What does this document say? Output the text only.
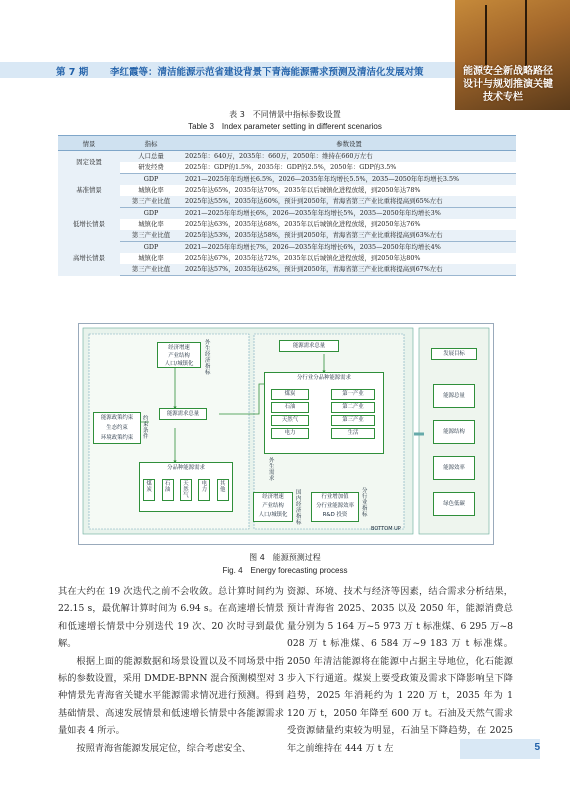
第 7 期 李红霞等：清洁能源示范省建设背景下青海能源需求预测及清洁化发展对策	能源安全新战略路径
设计与规划推演关键
技术专栏
表 3　不同情景中指标参数设置
Table 3　Index parameter setting in different scenarios
情景	指标	参数设置
固定设置	人口总量	2025年：640万，2035年：660万，2050年：维持在660万左右
	研发经费	2025年：GDP的1.5%，2035年：GDP的2.5%，2050年：GDP的3.5%
基准情景	GDP	2021—2025年年均增长6.5%，2026—2035年年均增长5.5%，2035—2050年年均增长3.5%
	城镇化率	2025年达65%，2035年达70%，2035年以后城镇化进程放缓，到2050年达78%
	第三产业比值	2025年达55%，2035年达60%，预计到2050年，青海省第三产业比重将提高到65%左右
低增长情景	GDP	2021—2025年年均增长6%，2026—2035年年均增长5%，2035—2050年年均增长3%
	城镇化率	2025年达63%，2035年达68%，2035年以后城镇化进程放缓，到2050年达76%
	第三产业比值	2025年达53%，2035年达58%，预计到2050年，青海省第三产业比重将提高到63%左右
高增长情景	GDP	2021—2025年年均增长7%，2026—2035年年均增长6%，2035—2050年年均增长4%
	城镇化率	2025年达67%，2035年达72%，2035年以后城镇化进程放缓，到2050年达80%
	第三产业比值	2025年达57%，2035年达62%，预计到2050年，青海省第三产业比重将提高到67%左右
经济增速
产业结构
人口/城镇化
外生经济指标
能源需求总量
能源政策约束
生态约束
环境政策约束
约束条件
分品种能源需求
煤炭
石油
天然气
电力
其他
能源需求总量
分行业分品种能源需求
煤炭
石油
天然气
电力
第一产业
第二产业
第三产业
生活
外生需求
经济增速
产业结构
人口/城镇化
国内经济指标
行业增加值
分行业能源效率
R&D 投资
分行业指标
BOTTOM UP
发展目标
能源总量
能源结构
能源效率
绿色低碳
图 4　能源预测过程
Fig. 4　Energy forecasting process

其在大约在 19 次迭代之前不会收敛。总计算时间约为 22.15 s，最优解计算时间为 6.94 s。在高速增长情景和低速增长情景中分别迭代 19 次、20 次时寻到最优解。

根据上面的能源数据和场景设置以及不同场景中指标的参数设置，采用 DMDE-BPNN 混合预测模型对 3 种情景先青海省关键水平能源需求情况进行预测。得到基础情景、高速发展情景和低速增长情景中各能源需求量如表 4 所示。

按照青海省能源发展定位，综合考虑安全、

资源、环境、技术与经济等因素，结合需求分析结果，预计青海省 2025、2035 以及 2050 年，能源消费总量分别为 5 164 万~5 973 万 t 标准煤、6 295 万~8 028 万 t 标准煤、6 584 万~9 183 万 t 标准煤。2050 年清洁能源将在能源中占据主导地位，化石能源步入下行通道。煤炭上要受政策及需求下降影响呈下降趋势，2025 年消耗约为 1 220 万 t，2035 年为 1 120 万 t，2050 年降至 600 万 t。石油及天然气需求受资源储量约束较为明显，石油呈下降趋势，在 2025 年之前维持在 444 万 t 左	5
